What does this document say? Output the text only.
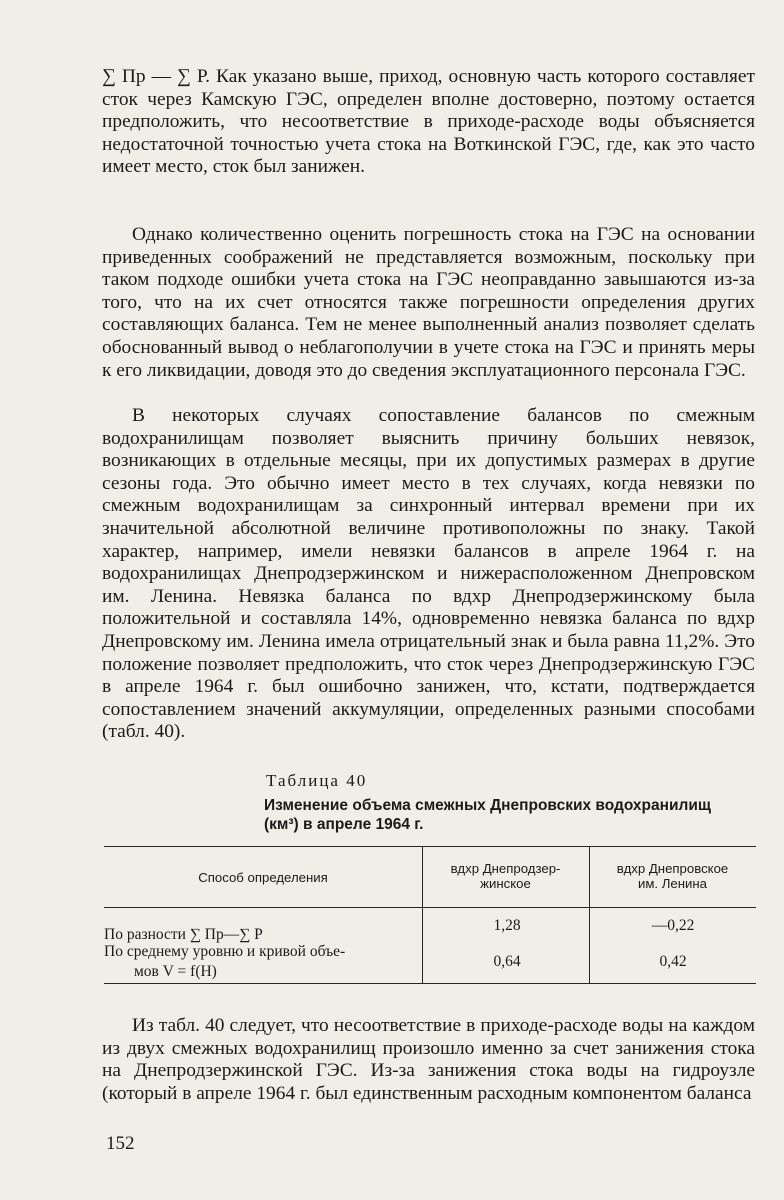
∑ Пр — ∑ Р. Как указано выше, приход, основную часть которого составляет сток через Камскую ГЭС, определен вполне достоверно, поэтому остается предположить, что несоответствие в приходе-расходе воды объясняется недостаточной точностью учета стока на Воткинской ГЭС, где, как это часто имеет место, сток был занижен.

Однако количественно оценить погрешность стока на ГЭС на основании приведенных соображений не представляется возможным, поскольку при таком подходе ошибки учета стока на ГЭС неоправданно завышаются из-за того, что на их счет относятся также погрешности определения других составляющих баланса. Тем не менее выполненный анализ позволяет сделать обоснованный вывод о неблагополучии в учете стока на ГЭС и принять меры к его ликвидации, доводя это до сведения эксплуатационного персонала ГЭС.

В некоторых случаях сопоставление балансов по смежным водохранилищам позволяет выяснить причину больших невязок, возникающих в отдельные месяцы, при их допустимых размерах в другие сезоны года. Это обычно имеет место в тех случаях, когда невязки по смежным водохранилищам за синхронный интервал времени при их значительной абсолютной величине противоположны по знаку. Такой характер, например, имели невязки балансов в апреле 1964 г. на водохранилищах Днепродзержинском и нижерасположенном Днепровском им. Ленина. Невязка баланса по вдхр Днепродзержинскому была положительной и составляла 14%, одновременно невязка баланса по вдхр Днепровскому им. Ленина имела отрицательный знак и была равна 11,2%. Это положение позволяет предположить, что сток через Днепродзержинскую ГЭС в апреле 1964 г. был ошибочно занижен, что, кстати, подтверждается сопоставлением значений аккумуляции, определенных разными способами (табл. 40).

Таблица 40
Изменение объема смежных Днепровских водохранилищ
(км³) в апреле 1964 г.
Способ определения
вдхр Днепродзер-
жинское
вдхр Днепровское
им. Ленина
По разности ∑ Пр—∑ Р
1,28	—0,22
По среднему уровню и кривой объе-
мов V = f(H)
0,64	0,42

Из табл. 40 следует, что несоответствие в приходе-расходе воды на каждом из двух смежных водохранилищ произошло именно за счет занижения стока на Днепродзержинской ГЭС. Из-за занижения стока воды на гидроузле (который в апреле 1964 г. был единственным расходным компонентом баланса

152
